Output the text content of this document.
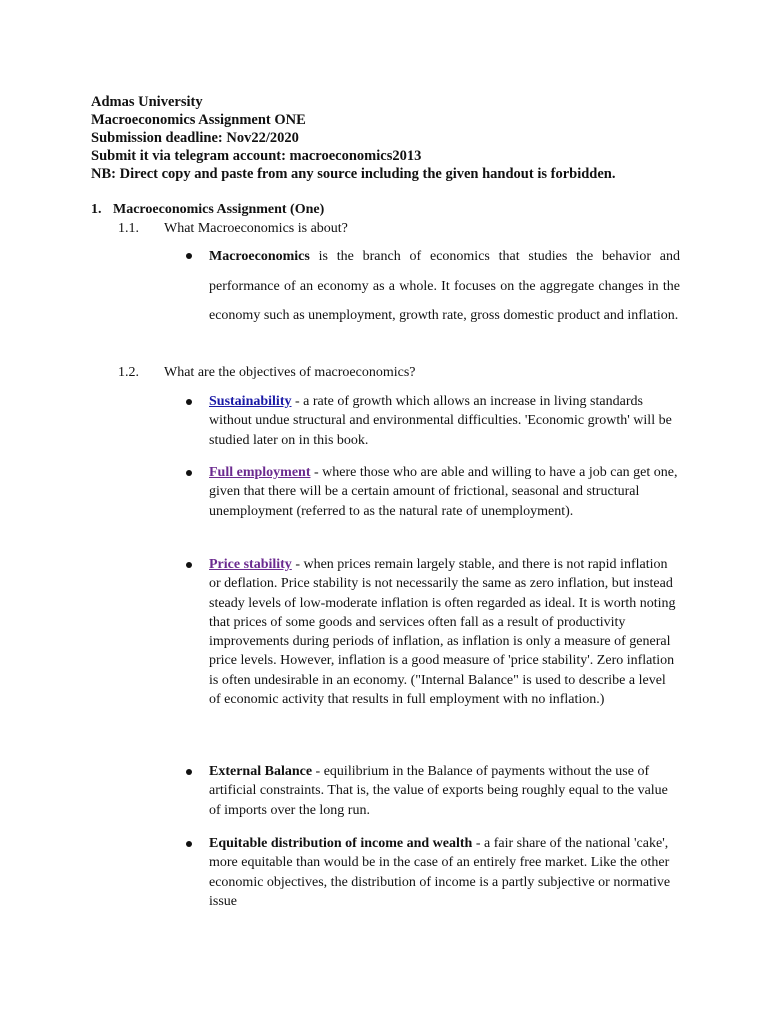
Admas University
Macroeconomics Assignment ONE
Submission deadline: Nov22/2020
Submit it via telegram account: macroeconomics2013
NB: Direct copy and paste from any source including the given handout is forbidden.
1. Macroeconomics Assignment (One)
1.1. What Macroeconomics is about?
Macroeconomics is the branch of economics that studies the behavior and performance of an economy as a whole. It focuses on the aggregate changes in the economy such as unemployment, growth rate, gross domestic product and inflation.
1.2. What are the objectives of macroeconomics?
Sustainability - a rate of growth which allows an increase in living standards without undue structural and environmental difficulties. 'Economic growth' will be studied later on in this book.
Full employment - where those who are able and willing to have a job can get one, given that there will be a certain amount of frictional, seasonal and structural unemployment (referred to as the natural rate of unemployment).
Price stability - when prices remain largely stable, and there is not rapid inflation or deflation. Price stability is not necessarily the same as zero inflation, but instead steady levels of low-moderate inflation is often regarded as ideal. It is worth noting that prices of some goods and services often fall as a result of productivity improvements during periods of inflation, as inflation is only a measure of general price levels. However, inflation is a good measure of 'price stability'. Zero inflation is often undesirable in an economy. ("Internal Balance" is used to describe a level of economic activity that results in full employment with no inflation.)
External Balance - equilibrium in the Balance of payments without the use of artificial constraints. That is, the value of exports being roughly equal to the value of imports over the long run.
Equitable distribution of income and wealth - a fair share of the national 'cake', more equitable than would be in the case of an entirely free market. Like the other economic objectives, the distribution of income is a partly subjective or normative issue
